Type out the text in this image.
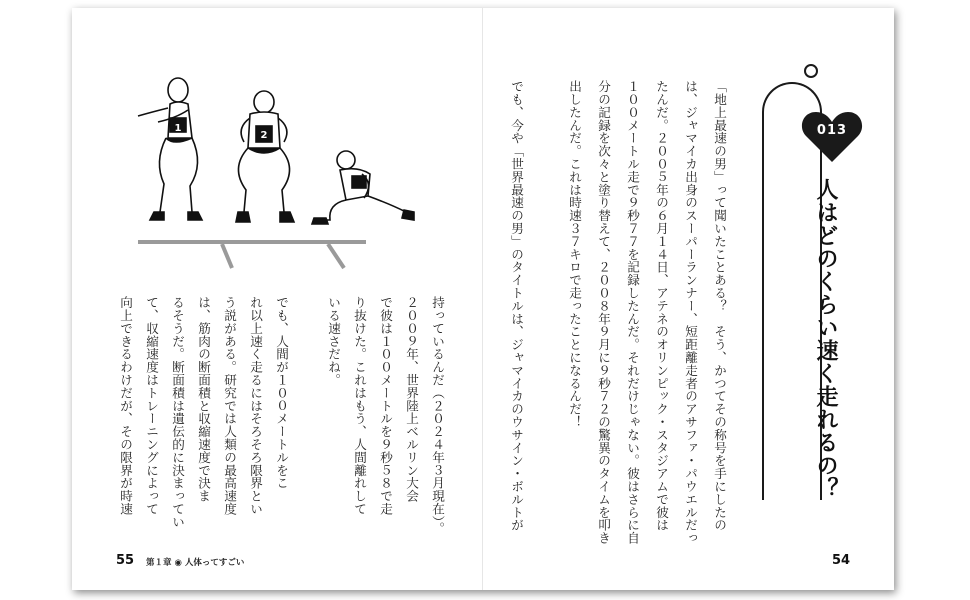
013
人はどのくらい速く走れるの？
「地上最速の男」って聞いたことある？　そう、かつてその称号を手にしたの
は、ジャマイカ出身のスーパーランナー、短距離走者のアサファ・パウエルだっ
たんだ。２００５年の６月１４日、アテネのオリンピック・スタジアムで彼は
１００メートル走で９秒７７を記録したんだ。それだけじゃない。彼はさらに自
分の記録を次々と塗り替えて、２００８年９月に９秒７２の驚異のタイムを叩き
出したんだ。これは時速３７キロで走ったことになるんだ！
でも、今や「世界最速の男」のタイトルは、ジャマイカのウサイン・ボルトが
持っているんだ（２０２４年３月現在）。
２００９年、世界陸上ベルリン大会
で彼は１００メートルを９秒５８で走
り抜けた。これはもう、人間離れして
いる速さだね。
でも、人間が１００メートルをこ
れ以上速く走るにはそろそろ限界とい
う説がある。研究では人類の最高速度
は、筋肉の断面積と収縮速度で決ま
るそうだ。断面積は遺伝的に決まってい
て、収縮速度はトレーニングによって
向上できるわけだが、その限界が時速
1
2
55 第１章 ◉ 人体ってすごい	54
